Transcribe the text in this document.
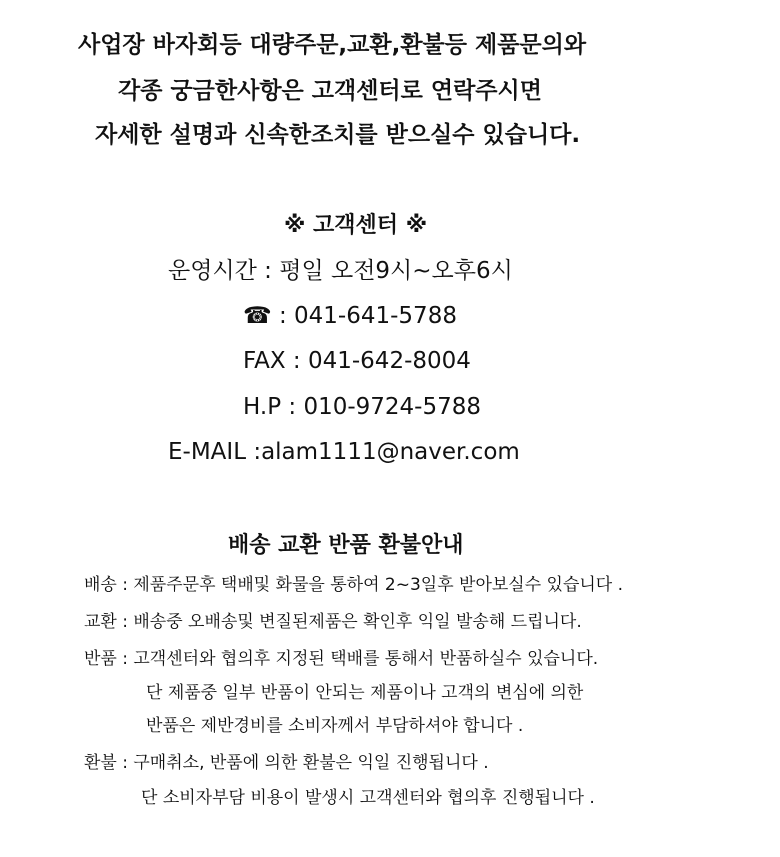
사업장 바자회등 대량주문,교환,환불등 제품문의와
각종 궁금한사항은 고객센터로 연락주시면
자세한 설명과 신속한조치를 받으실수 있습니다.
※ 고객센터 ※
운영시간 : 평일 오전9시~오후6시
☎ : 041-641-5788
FAX : 041-642-8004
H.P : 010-9724-5788
E-MAIL :alam1111@naver.com
배송 교환 반품 환불안내
배송 : 제품주문후 택배및 화물을 통하여 2~3일후 받아보실수 있습니다 .
교환 : 배송중 오배송및 변질된제품은 확인후 익일 발송해 드립니다.
반품 : 고객센터와 협의후 지정된 택배를 통해서 반품하실수 있습니다.
단 제품중 일부 반품이 안되는 제품이나 고객의 변심에 의한
반품은 제반경비를 소비자께서 부담하셔야 합니다 .
환불 : 구매취소, 반품에 의한 환불은 익일 진행됩니다 .
단 소비자부담 비용이 발생시 고객센터와 협의후 진행됩니다 .
